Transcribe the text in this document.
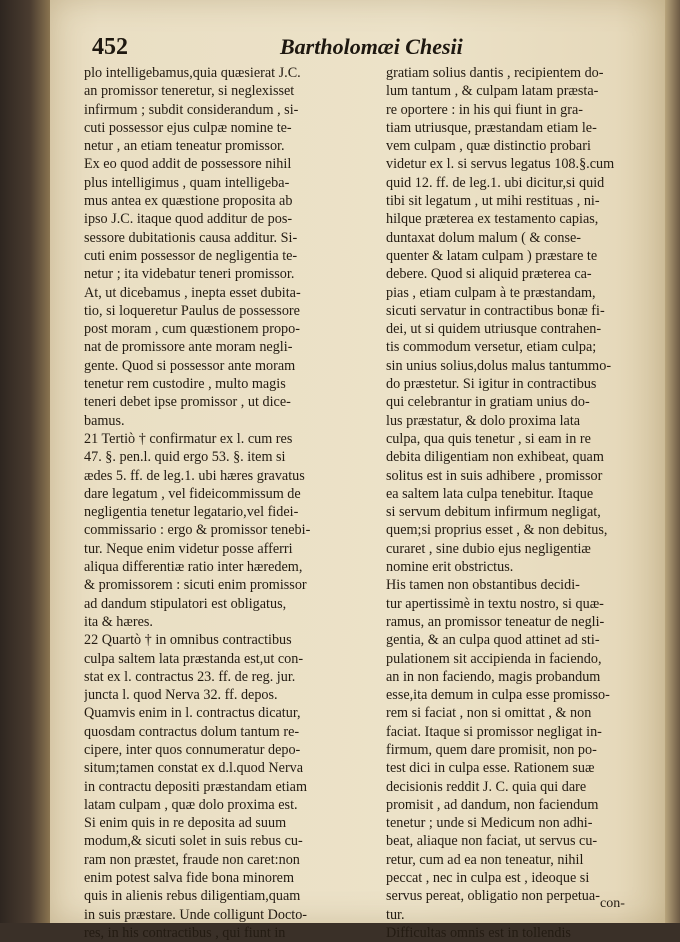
452	Bartholomæi Chesii
plo intelligebamus,quia quæsierat J.C.
an promissor teneretur, si neglexisset
infirmum ; subdit considerandum , si-
cuti possessor ejus culpæ nomine te-
netur , an etiam teneatur promissor.
Ex eo quod addit de possessore nihil
plus intelligimus , quam intelligeba-
mus antea ex quæstione proposita ab
ipso J.C. itaque quod additur de pos-
sessore dubitationis causa additur. Si-
cuti enim possessor de negligentia te-
netur ; ita videbatur teneri promissor.
At, ut dicebamus , inepta esset dubita-
tio, si loqueretur Paulus de possessore
post moram , cum quæstionem propo-
nat de promissore ante moram negli-
gente. Quod si possessor ante moram
tenetur rem custodire , multo magis
teneri debet ipse promissor , ut dice-
bamus.
21 Tertiò † confirmatur ex l. cum res
47. §. pen.l. quid ergo 53. §. item si
ædes 5. ff. de leg.1. ubi hæres gravatus
dare legatum , vel fideicommissum de
negligentia tenetur legatario,vel fidei-
commissario : ergo & promissor tenebi-
tur. Neque enim videtur posse afferri
aliqua differentiæ ratio inter hæredem,
& promissorem : sicuti enim promissor
ad dandum stipulatori est obligatus,
ita & hæres.
22 Quartò † in omnibus contractibus
culpa saltem lata præstanda est,ut con-
stat ex l. contractus 23. ff. de reg. jur.
juncta l. quod Nerva 32. ff. depos.
Quamvis enim in l. contractus dicatur,
quosdam contractus dolum tantum re-
cipere, inter quos connumeratur depo-
situm;tamen constat ex d.l.quod Nerva
in contractu depositi præstandam etiam
latam culpam , quæ dolo proxima est.
Si enim quis in re deposita ad suum
modum,& sicuti solet in suis rebus cu-
ram non præstet, fraude non caret:non
enim potest salva fide bona minorem
quis in alienis rebus diligentiam,quam
in suis præstare. Unde colligunt Docto-
res, in his contractibus , qui fiunt in
gratiam solius dantis , recipientem do-
lum tantum , & culpam latam præsta-
re oportere : in his qui fiunt in gra-
tiam utriusque, præstandam etiam le-
vem culpam , quæ distinctio probari
videtur ex l. si servus legatus 108.§.cum
quid 12. ff. de leg.1. ubi dicitur,si quid
tibi sit legatum , ut mihi restituas , ni-
hilque præterea ex testamento capias,
duntaxat dolum malum ( & conse-
quenter & latam culpam ) præstare te
debere. Quod si aliquid præterea ca-
pias , etiam culpam à te præstandam,
sicuti servatur in contractibus bonæ fi-
dei, ut si quidem utriusque contrahen-
tis commodum versetur, etiam culpa;
sin unius solius,dolus malus tantummo-
do præstetur. Si igitur in contractibus
qui celebrantur in gratiam unius do-
lus præstatur, & dolo proxima lata
culpa, qua quis tenetur , si eam in re
debita diligentiam non exhibeat, quam
solitus est in suis adhibere , promissor
ea saltem lata culpa tenebitur. Itaque
si servum debitum infirmum negligat,
quem;si proprius esset , & non debitus,
curaret , sine dubio ejus negligentiæ
nomine erit obstrictus.
His tamen non obstantibus decidi-
tur apertissimè in textu nostro, si quæ-
ramus, an promissor teneatur de negli-
gentia, & an culpa quod attinet ad sti-
pulationem sit accipienda in faciendo,
an in non faciendo, magis probandum
esse,ita demum in culpa esse promisso-
rem si faciat , non si omittat , & non
faciat. Itaque si promissor negligat in-
firmum, quem dare promisit, non po-
test dici in culpa esse. Rationem suæ
decisionis reddit J. C. quia qui dare
promisit , ad dandum, non faciendum
tenetur ; unde si Medicum non adhi-
beat, aliaque non faciat, ut servus cu-
retur, cum ad ea non teneatur, nihil
peccat , nec in culpa est , ideoque si
servus pereat, obligatio non perpetua-
tur.
Difficultas omnis est in tollendis
con-
